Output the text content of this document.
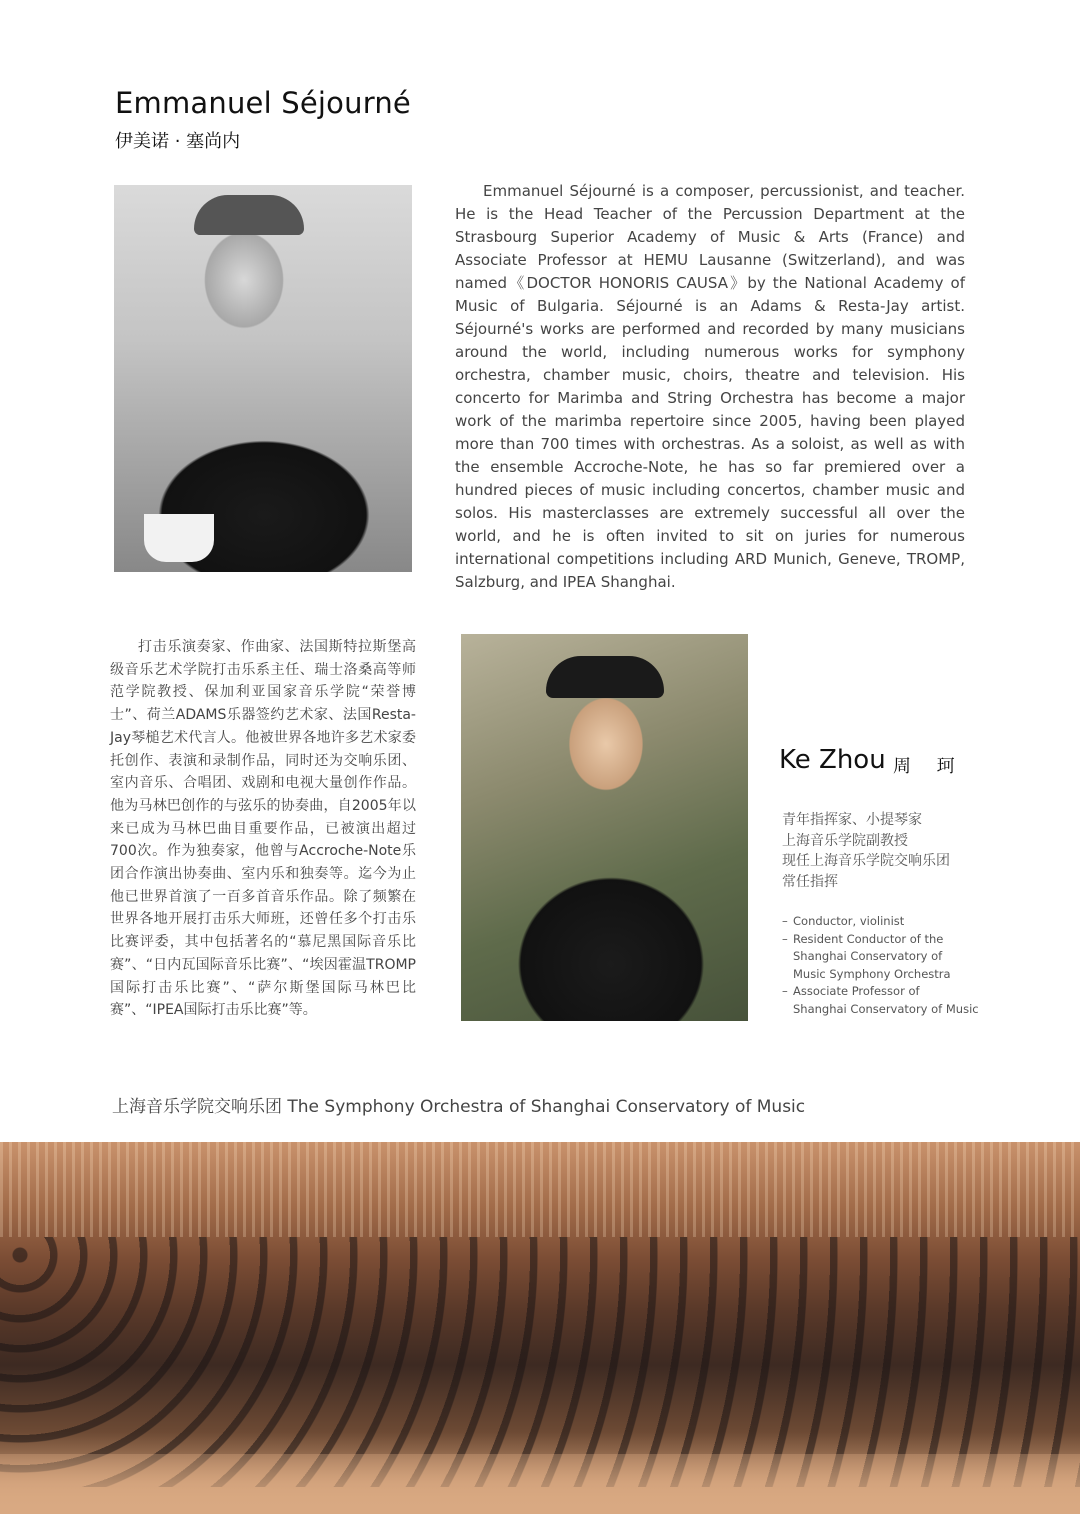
Emmanuel Séjourné
伊美诺 · 塞尚内

Emmanuel Séjourné is a composer, percussionist, and teacher. He is the Head Teacher of the Percussion Department at the Strasbourg Superior Academy of Music & Arts (France) and Associate Professor at HEMU Lausanne (Switzerland), and was named《DOCTOR HONORIS CAUSA》by the National Academy of Music of Bulgaria. Séjourné is an Adams & Resta-Jay artist. Séjourné's works are performed and recorded by many musicians around the world, including numerous works for symphony orchestra, chamber music, choirs, theatre and television. His concerto for Marimba and String Orchestra has become a major work of the marimba repertoire since 2005, having been played more than 700 times with orchestras. As a soloist, as well as with the ensemble Accroche-Note, he has so far premiered over a hundred pieces of music including concertos, chamber music and solos. His masterclasses are extremely successful all over the world, and he is often invited to sit on juries for numerous international competitions including ARD Munich, Geneve, TROMP, Salzburg, and IPEA Shanghai.

打击乐演奏家、作曲家、法国斯特拉斯堡高级音乐艺术学院打击乐系主任、瑞士洛桑高等师范学院教授、保加利亚国家音乐学院“荣誉博士”、荷兰ADAMS乐器签约艺术家、法国Resta-Jay琴槌艺术代言人。他被世界各地许多艺术家委托创作、表演和录制作品，同时还为交响乐团、室内音乐、合唱团、戏剧和电视大量创作作品。他为马林巴创作的与弦乐的协奏曲，自2005年以来已成为马林巴曲目重要作品，已被演出超过700次。作为独奏家，他曾与Accroche-Note乐团合作演出协奏曲、室内乐和独奏等。迄今为止他已世界首演了一百多首音乐作品。除了频繁在世界各地开展打击乐大师班，还曾任多个打击乐比赛评委，其中包括著名的“慕尼黑国际音乐比赛”、“日内瓦国际音乐比赛”、“埃因霍温TROMP国际打击乐比赛”、“萨尔斯堡国际马林巴比赛”、“IPEA国际打击乐比赛”等。

Ke Zhou 周 珂
青年指挥家、小提琴家
上海音乐学院副教授
现任上海音乐学院交响乐团
常任指挥
– Conductor, violinist
– Resident Conductor of the
Shanghai Conservatory of
Music Symphony Orchestra
– Associate Professor of
Shanghai Conservatory of Music
上海音乐学院交响乐团 The Symphony Orchestra of Shanghai Conservatory of Music
